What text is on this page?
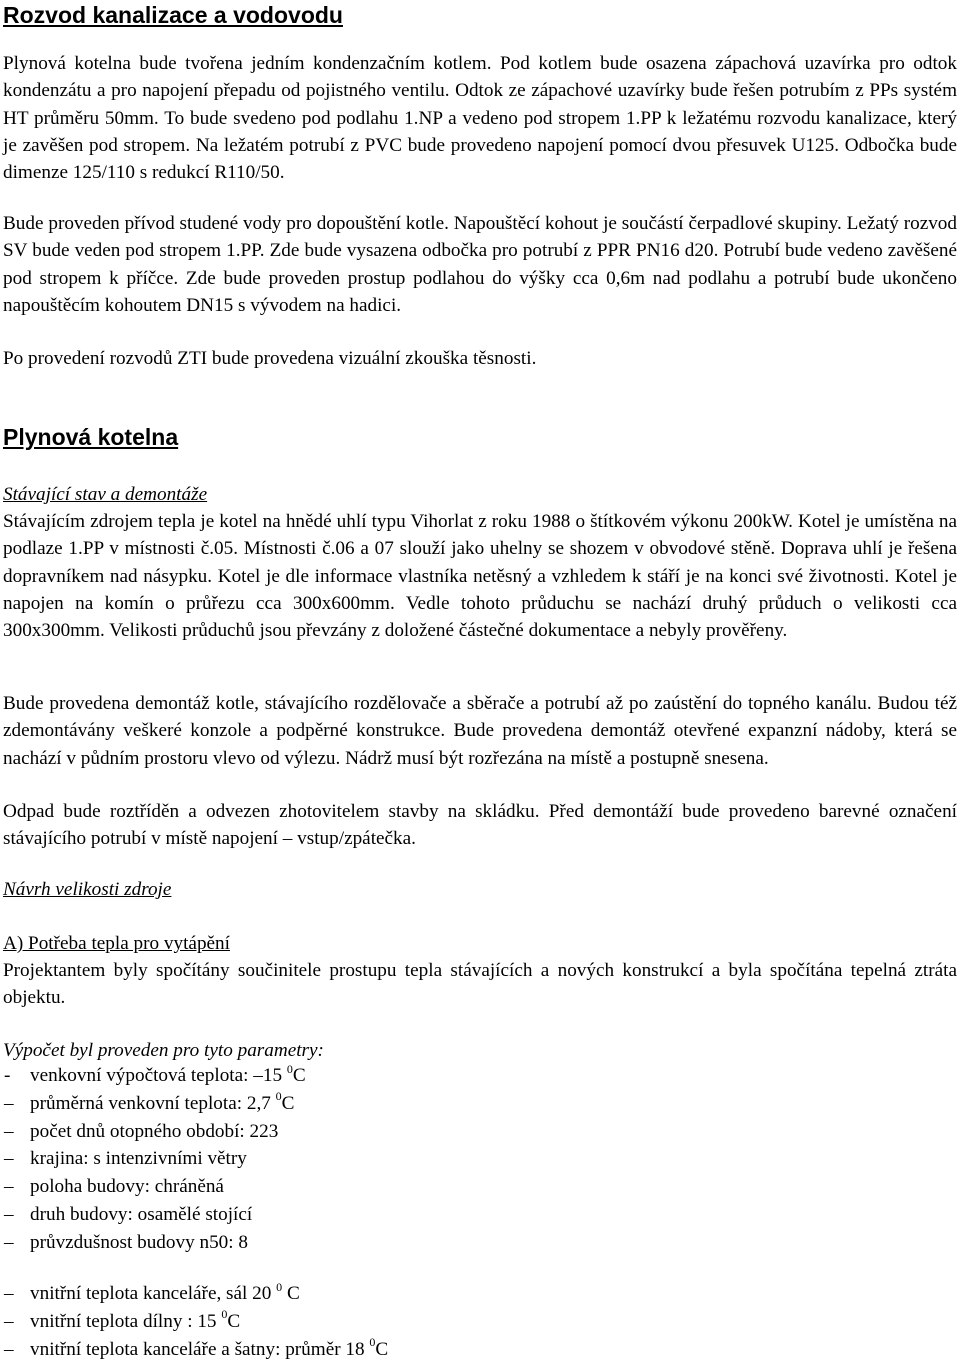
Rozvod kanalizace a vodovodu
Plynová kotelna bude tvořena jedním kondenzačním kotlem. Pod kotlem bude osazena zápachová uzavírka pro odtok kondenzátu a pro napojení přepadu od pojistného ventilu. Odtok ze zápachové uzavírky bude řešen potrubím z PPs systém HT průměru 50mm. To bude svedeno pod podlahu 1.NP a vedeno pod stropem 1.PP k ležatému rozvodu kanalizace, který je zavěšen pod stropem. Na ležatém potrubí z PVC bude provedeno napojení pomocí dvou přesuvek U125. Odbočka bude dimenze 125/110 s redukcí R110/50.
Bude proveden přívod studené vody pro dopouštění kotle. Napouštěcí kohout je součástí čerpadlové skupiny. Ležatý rozvod SV bude veden pod stropem 1.PP. Zde bude vysazena odbočka pro potrubí z PPR PN16 d20. Potrubí bude vedeno zavěšené pod stropem k příčce. Zde bude proveden prostup podlahou do výšky cca 0,6m nad podlahu a potrubí bude ukončeno napouštěcím kohoutem DN15 s vývodem na hadici.
Po provedení rozvodů ZTI bude provedena vizuální zkouška těsnosti.
Plynová kotelna
Stávající stav a demontáže
Stávajícím zdrojem tepla je kotel na hnědé uhlí typu Vihorlat z roku 1988 o štítkovém výkonu 200kW. Kotel je umístěna na podlaze 1.PP v místnosti č.05. Místnosti č.06 a 07 slouží jako uhelny se shozem v obvodové stěně. Doprava uhlí je řešena dopravníkem nad násypku. Kotel je dle informace vlastníka netěsný a vzhledem k stáří je na konci své životnosti. Kotel je napojen na komín o průřezu cca 300x600mm. Vedle tohoto průduchu se nachází druhý průduch o velikosti cca 300x300mm. Velikosti průduchů jsou převzány z doložené částečné dokumentace a nebyly prověřeny.
Bude provedena demontáž kotle, stávajícího rozdělovače a sběrače a potrubí až po zaústění do topného kanálu. Budou též zdemontávány veškeré konzole a podpěrné konstrukce. Bude provedena demontáž otevřené expanzní nádoby, která se nachází v půdním prostoru vlevo od výlezu. Nádrž musí být rozřezána na místě a postupně snesena.
Odpad bude roztříděn a odvezen zhotovitelem stavby na skládku. Před demontáží bude provedeno barevné označení stávajícího potrubí v místě napojení – vstup/zpátečka.
Návrh velikosti zdroje
A) Potřeba tepla pro vytápění
Projektantem byly spočítány součinitele prostupu tepla stávajících a nových konstrukcí a byla spočítána tepelná ztráta objektu.
Výpočet byl proveden pro tyto parametry:
- venkovní výpočtová teplota: –15 $^0$C
– průměrná venkovní teplota: 2,7 $^0$C
– počet dnů otopného období: 223
– krajina: s intenzivními větry
– poloha budovy: chráněná
– druh budovy: osamělé stojící
– průvzdušnost budovy n50: 8
– vnitřní teplota kanceláře, sál 20 $^0$ C
– vnitřní teplota dílny : 15 $^0$C
– vnitřní teplota kanceláře a šatny: průměr 18 $^0$C
